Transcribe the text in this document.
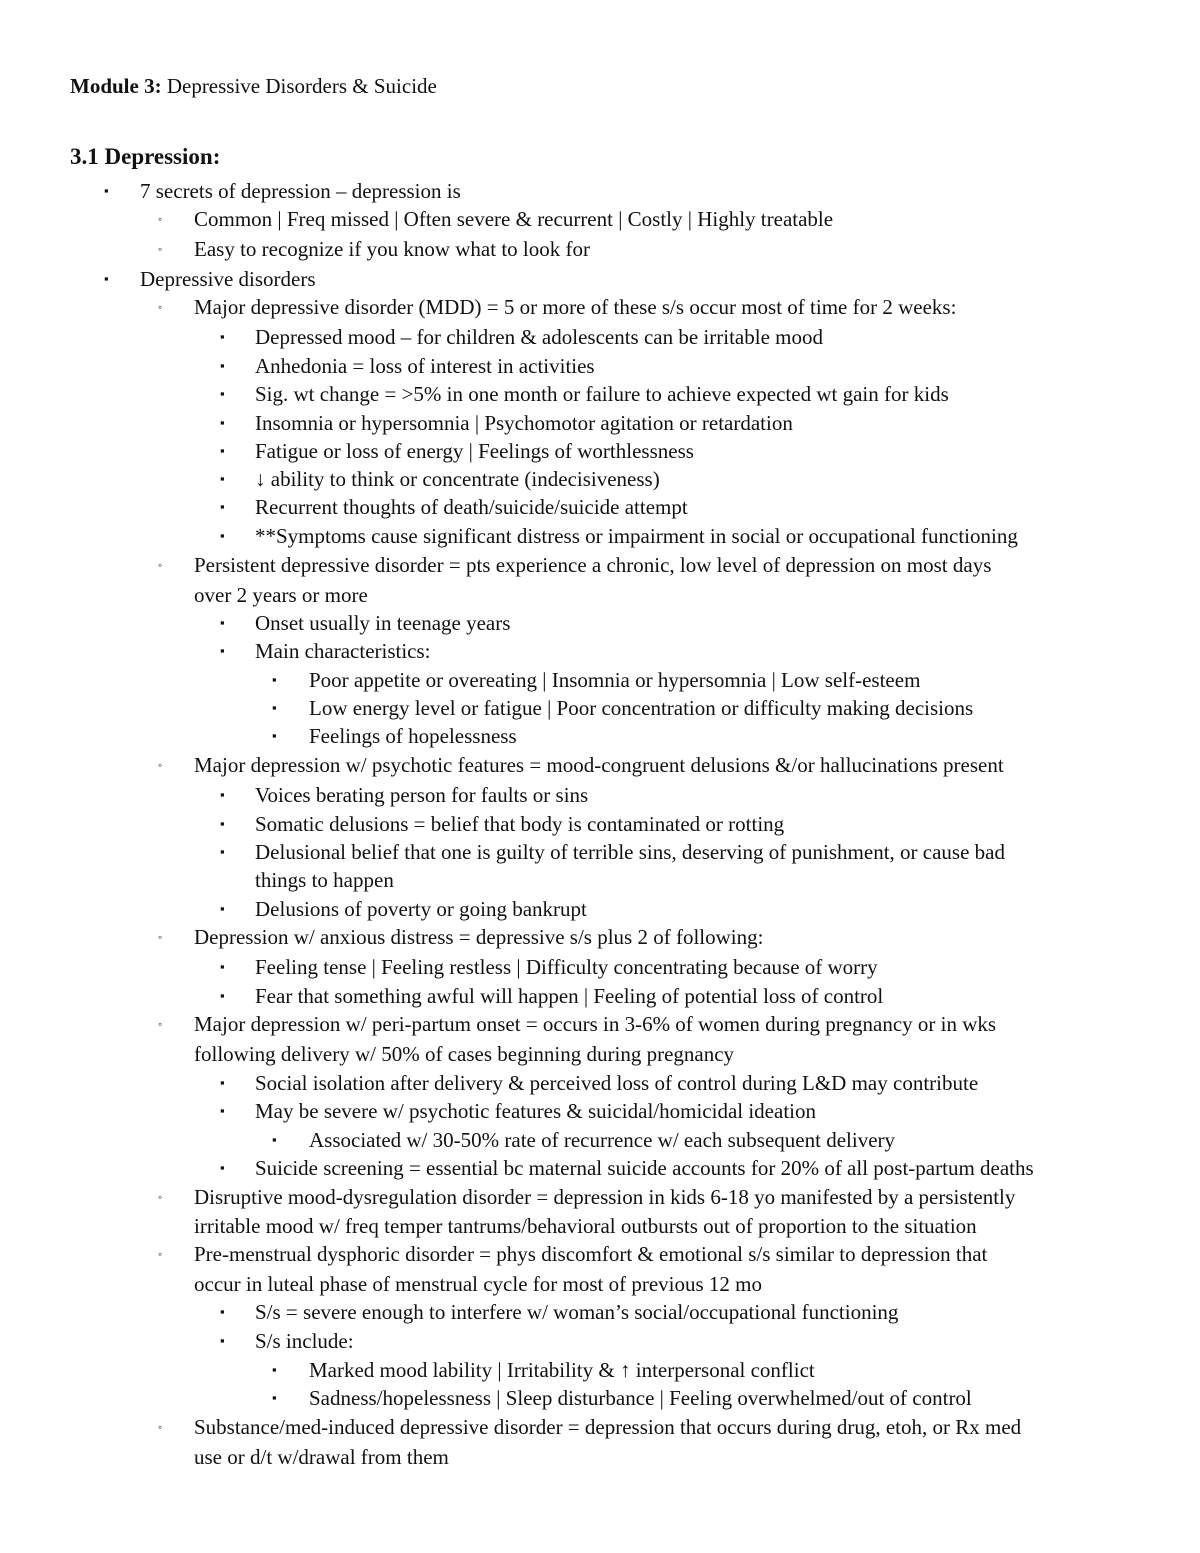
Module 3: Depressive Disorders & Suicide
3.1 Depression:
▪ 7 secrets of depression – depression is
◦ Common | Freq missed | Often severe & recurrent | Costly | Highly treatable
◦ Easy to recognize if you know what to look for
▪ Depressive disorders
◦ Major depressive disorder (MDD) = 5 or more of these s/s occur most of time for 2 weeks:
▪ Depressed mood – for children & adolescents can be irritable mood
▪ Anhedonia = loss of interest in activities
▪ Sig. wt change = >5% in one month or failure to achieve expected wt gain for kids
▪ Insomnia or hypersomnia | Psychomotor agitation or retardation
▪ Fatigue or loss of energy | Feelings of worthlessness
▪ ↓ ability to think or concentrate (indecisiveness)
▪ Recurrent thoughts of death/suicide/suicide attempt
▪ **Symptoms cause significant distress or impairment in social or occupational functioning
◦ Persistent depressive disorder = pts experience a chronic, low level of depression on most days
over 2 years or more
▪ Onset usually in teenage years
▪ Main characteristics:
▪ Poor appetite or overeating | Insomnia or hypersomnia | Low self-esteem
▪ Low energy level or fatigue | Poor concentration or difficulty making decisions
▪ Feelings of hopelessness
◦ Major depression w/ psychotic features = mood-congruent delusions &/or hallucinations present
▪ Voices berating person for faults or sins
▪ Somatic delusions = belief that body is contaminated or rotting
▪ Delusional belief that one is guilty of terrible sins, deserving of punishment, or cause bad
things to happen
▪ Delusions of poverty or going bankrupt
◦ Depression w/ anxious distress = depressive s/s plus 2 of following:
▪ Feeling tense | Feeling restless | Difficulty concentrating because of worry
▪ Fear that something awful will happen | Feeling of potential loss of control
◦ Major depression w/ peri-partum onset = occurs in 3-6% of women during pregnancy or in wks
following delivery w/ 50% of cases beginning during pregnancy
▪ Social isolation after delivery & perceived loss of control during L&D may contribute
▪ May be severe w/ psychotic features & suicidal/homicidal ideation
▪ Associated w/ 30-50% rate of recurrence w/ each subsequent delivery
▪ Suicide screening = essential bc maternal suicide accounts for 20% of all post-partum deaths
◦ Disruptive mood-dysregulation disorder = depression in kids 6-18 yo manifested by a persistently
irritable mood w/ freq temper tantrums/behavioral outbursts out of proportion to the situation
◦ Pre-menstrual dysphoric disorder = phys discomfort & emotional s/s similar to depression that
occur in luteal phase of menstrual cycle for most of previous 12 mo
▪ S/s = severe enough to interfere w/ woman’s social/occupational functioning
▪ S/s include:
▪ Marked mood lability | Irritability & ↑ interpersonal conflict
▪ Sadness/hopelessness | Sleep disturbance | Feeling overwhelmed/out of control
◦ Substance/med-induced depressive disorder = depression that occurs during drug, etoh, or Rx med
use or d/t w/drawal from them
